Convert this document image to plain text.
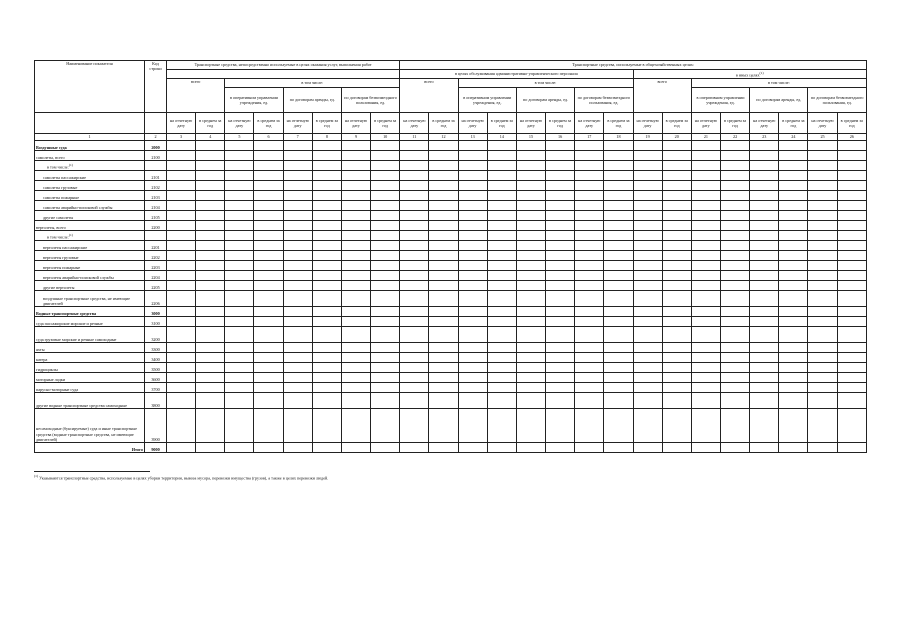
Наименование показателя	Код строки	Транспортные средства, непосредственно используемые в целях оказания услуг, выполнения работ								Транспортные средства, используемые в общехозяйственных целях:															
										в целях обслуживания административно-управленческого персонала								в иных целях$^{(1)}$
		всего		в том числе:						всего		в том числе:						всего		в том числе:					
				в оперативном управлении учреждения, ед.		по договорам аренды, ед.		по договорам безвозмездного пользования, ед.				в оперативном управлении учреждения, ед.		по договорам аренды, ед.		по договорам безвозмездного пользования, ед.				в оперативном управлении учреждения, ед.		по договорам аренды, ед.		по договорам безвозмездного пользования, ед.	
		на отчетную дату	в среднем за год	на отчетную дату	в среднем за год	на отчетную дату	в среднем за год	на отчетную дату	в среднем за год	на отчетную дату	в среднем за год	на отчетную дату	в среднем за год	на отчетную дату	в среднем за год	на отчетную дату	в среднем за год	на отчетную дату	в среднем за год	на отчетную дату	в среднем за год	на отчетную дату	в среднем за год	на отчетную дату	в среднем за год
1	2	3	4	5	6	7	8	9	10	11	12	13	14	15	16	17	18	19	20	21	22	23	24	25	26
Воздушные суда	2000																								
самолеты, всего	2100																								
в том числе:$^{(1)}$																									
самолеты пассажирские	2101																								
самолеты грузовые	2102																								
самолеты пожарные	2103																								
самолеты аварийно-поисковой службы	2104																								
другие самолеты	2105																								
вертолеты, всего	2200																								
в том числе:$^{(1)}$																									
вертолеты пассажирские	2201																								
вертолеты грузовые	2202																								
вертолеты пожарные	2203																								
вертолеты аварийно-поисковой службы	2204																								
другие вертолеты	2205																								
воздушные транспортные средства, не имеющие двигателей	2206																								
Водные транспортные средства	3000																								
суда пассажирские морские и речные	3100																								
суда грузовые морские и речные самоходные	3200																								
яхты	3300																								
катера	3400																								
гидроциклы	3500																								
моторные лодки	3600																								
парусно-моторные суда	3700																								
другие водные транспортные средства самоходные	3800																								
несамоходные (буксируемые) суда и иные транспортные средства (водные транспортные средства, не имеющие двигателей)	3900																								
Итого	9000																								
$^{(1)}$ Указываются транспортные средства, используемые в целях уборки территории, вывоза мусора, перевозки имущества (грузов), а также в целях перевозки людей.
